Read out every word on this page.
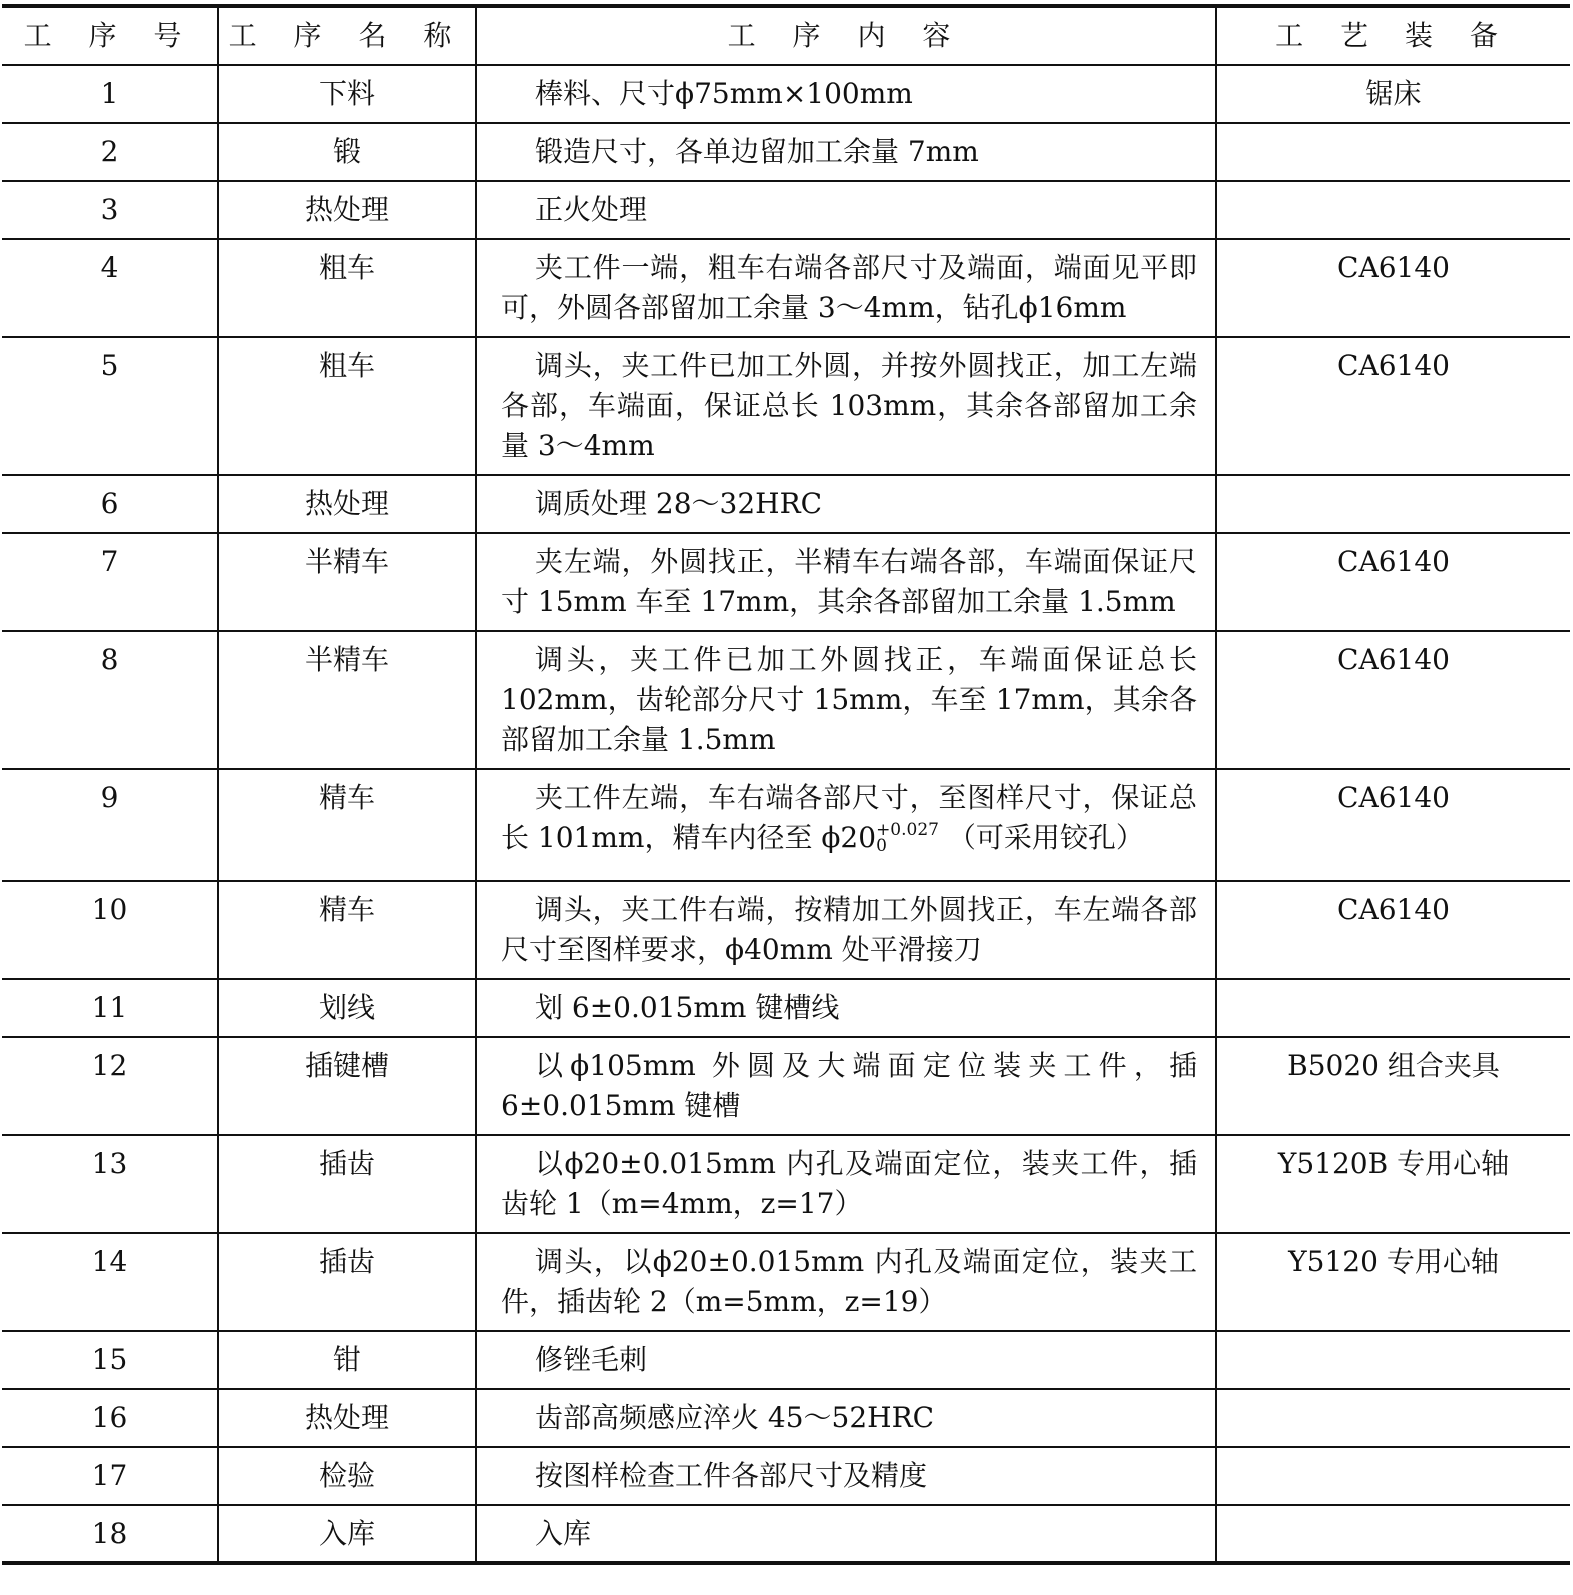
工 序 号	工 序 名 称	工 序 内 容	工 艺 装 备
1	下料	棒料、尺寸ϕ75mm×100mm	锯床
2	锻	锻造尺寸，各单边留加工余量 7mm	

3	热处理	正火处理	

4	粗车	夹工件一端，粗车右端各部尺寸及端面，端面见平即可，外圆各部留加工余量 3～4mm，钻孔ϕ16mm	CA6140
5	粗车	调头，夹工件已加工外圆，并按外圆找正，加工左端各部，车端面，保证总长 103mm，其余各部留加工余量 3～4mm	CA6140
6	热处理	调质处理 28～32HRC	

7	半精车	夹左端，外圆找正，半精车右端各部，车端面保证尺寸 15mm 车至 17mm，其余各部留加工余量 1.5mm	CA6140
8	半精车	调头，夹工件已加工外圆找正，车端面保证总长 102mm，齿轮部分尺寸 15mm，车至 17mm，其余各部留加工余量 1.5mm	CA6140
9	精车	夹工件左端，车右端各部尺寸，至图样尺寸，保证总长 101mm，精车内径至 ϕ20 +0.027
0 （可采用铰孔）	CA6140
10	精车	调头，夹工件右端，按精加工外圆找正，车左端各部尺寸至图样要求，ϕ40mm 处平滑接刀	CA6140
11	划线	划 6±0.015mm 键槽线	

12	插键槽	以ϕ105mm 外圆及大端面定位装夹工件，插 6±0.015mm 键槽	B5020 组合夹具
13	插齿	以ϕ20±0.015mm 内孔及端面定位，装夹工件，插齿轮 1（m=4mm，z=17）	Y5120B 专用心轴
14	插齿	调头，以ϕ20±0.015mm 内孔及端面定位，装夹工件，插齿轮 2（m=5mm，z=19）	Y5120 专用心轴
15	钳	修锉毛刺	

16	热处理	齿部高频感应淬火 45～52HRC	

17	检验	按图样检查工件各部尺寸及精度	

18	入库	入库	
